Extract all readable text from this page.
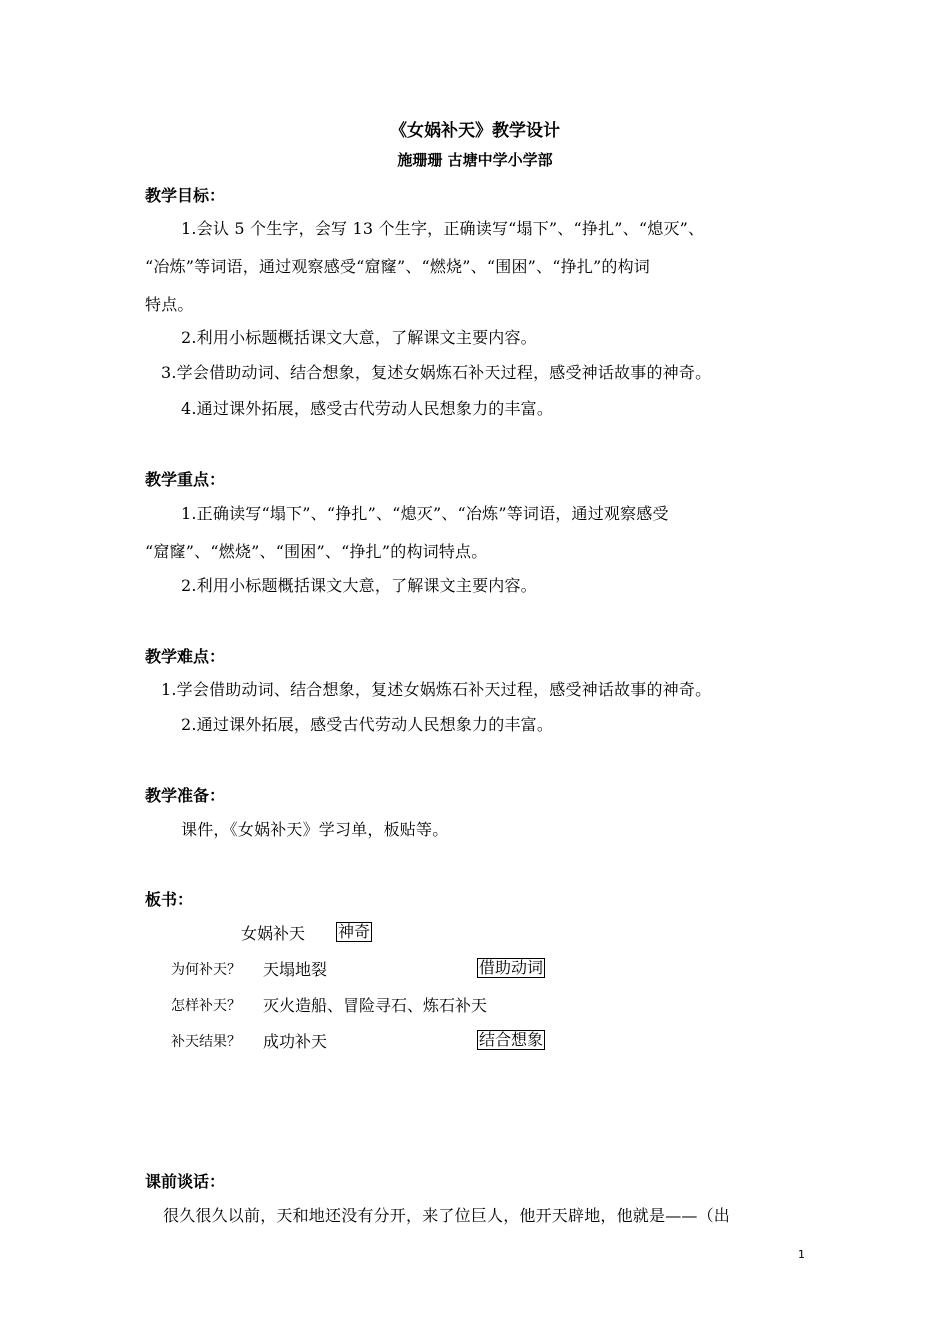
《女娲补天》教学设计
施珊珊 古塘中学小学部
教学目标：
1.会认 5 个生字，会写 13 个生字，正确读写“塌下”、“挣扎”、“熄灭”、
“冶炼”等词语，通过观察感受“窟窿”、“燃烧”、“围困”、“挣扎”的构词
特点。
2.利用小标题概括课文大意，了解课文主要内容。
3.学会借助动词、结合想象，复述女娲炼石补天过程，感受神话故事的神奇。
4.通过课外拓展，感受古代劳动人民想象力的丰富。
教学重点：
1.正确读写“塌下”、“挣扎”、“熄灭”、“冶炼”等词语，通过观察感受
“窟窿”、“燃烧”、“围困”、“挣扎”的构词特点。
2.利用小标题概括课文大意，了解课文主要内容。
教学难点：
1.学会借助动词、结合想象，复述女娲炼石补天过程，感受神话故事的神奇。
2.通过课外拓展，感受古代劳动人民想象力的丰富。
教学准备：
课件，《女娲补天》学习单，板贴等。
板书：
女娲补天 神奇
为何补天？ 天塌地裂	借助动词
怎样补天？ 灭火造船、冒险寻石、炼石补天
补天结果？ 成功补天	结合想象
课前谈话：
很久很久以前，天和地还没有分开，来了位巨人，他开天辟地，他就是——（出
1
